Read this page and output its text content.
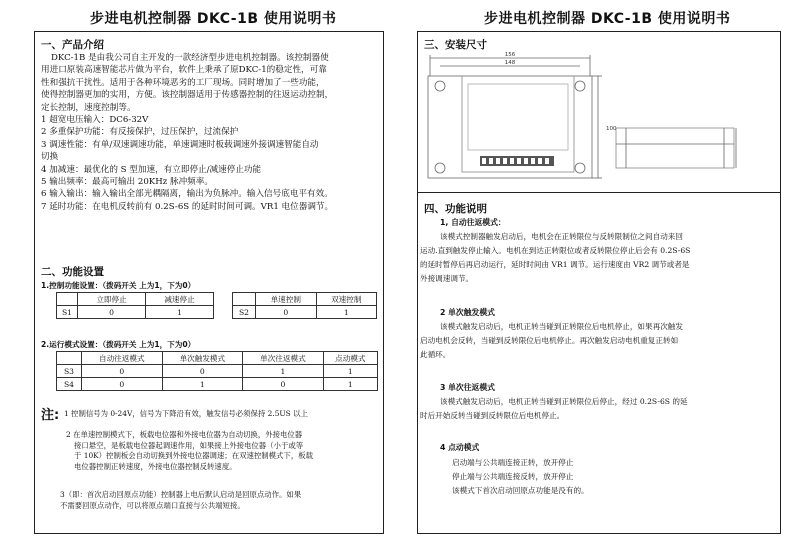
步进电机控制器 DKC-1B 使用说明书
一、产品介绍
DKC-1B 是由我公司自主开发的一款经济型步进电机控制器。该控制器使
用进口原装高速智能芯片做为平台，软件上秉承了原DKC-1的稳定性，可靠
性和强抗干扰性。适用于各种环境恶劣的工厂现场。同时增加了一些功能，
使得控制器更加的实用，方便。该控制器适用于传感器控制的往返运动控制，
定长控制，速度控制等。
1 超宽电压输入：DC6-32V
2 多重保护功能：有反接保护，过压保护，过流保护
3 调速性能：有单/双速调速功能，单速调速时板载调速外接调速智能自动
切换
4 加减速：最优化的 S 型加速，有立即停止/减速停止功能
5 输出频率：最高可输出 20KHz 脉冲频率。
6 输入输出：输入输出全部光耦隔离，输出为负脉冲。输入信号底电平有效。
7 延时功能：在电机反转前有 0.2S-6S 的延时时间可调。VR1 电位器调节。
二、功能设置
1.控制功能设置：（拨码开关 上为1，下为0）
	立即停止	减速停止
S1	0	1
	单速控制	双速控制
S2	0	1
2.运行模式设置：（拨码开关 上为1，下为0）
	自动往返模式	单次触发模式	单次往返模式	点动模式
S3	0	0	1	1
S4	0	1	0	1
注: 1 控制信号为 0-24V，信号为下降沿有效，触发信号必须保持 2.5US 以上
2 在单速控制模式下，板载电位器和外接电位器为自动切换，外接电位器
接口悬空，是板载电位器起调速作用，如果接上外接电位器（小于或等
于 10K）控制板会自动切换到外接电位器调速；在双速控制模式下，板载
电位器控制正转速度，外接电位器控制反转速度。
3（即：首次启动回原点功能）控制器上电后默认启动是回原点动作。如果
不需要回原点动作，可以将原点端口直接与公共端短接。
步进电机控制器 DKC-1B 使用说明书
三、安装尺寸
156
148
100
四、功能说明
1, 自动往返模式：
该模式控制器触发启动后，电机会在正转限位与反转限制位之间自动来回
运动.直到触发停止输入。电机在到达正转限位或者反转限位停止后会有 0.2S-6S
的延时暂停后再启动运行，延时时间由 VR1 调节。运行速度由 VR2 调节或者是
外接调速调节。
2 单次触发模式
该模式触发启动后，电机正转当碰到正转限位后电机停止，如果再次触发
启动电机会反转，当碰到反转限位后电机停止。再次触发启动电机重复正转如
此循环。
3 单次往返模式
该模式触发启动后，电机正转当碰到正转限位后停止，经过 0.2S-6S 的延
时后开始反转当碰到反转限位后电机停止。
4 点动模式
启动端与公共端连接正转，放开停止
停止端与公共端连接反转，放开停止
该模式下首次启动回原点功能是没有的。
